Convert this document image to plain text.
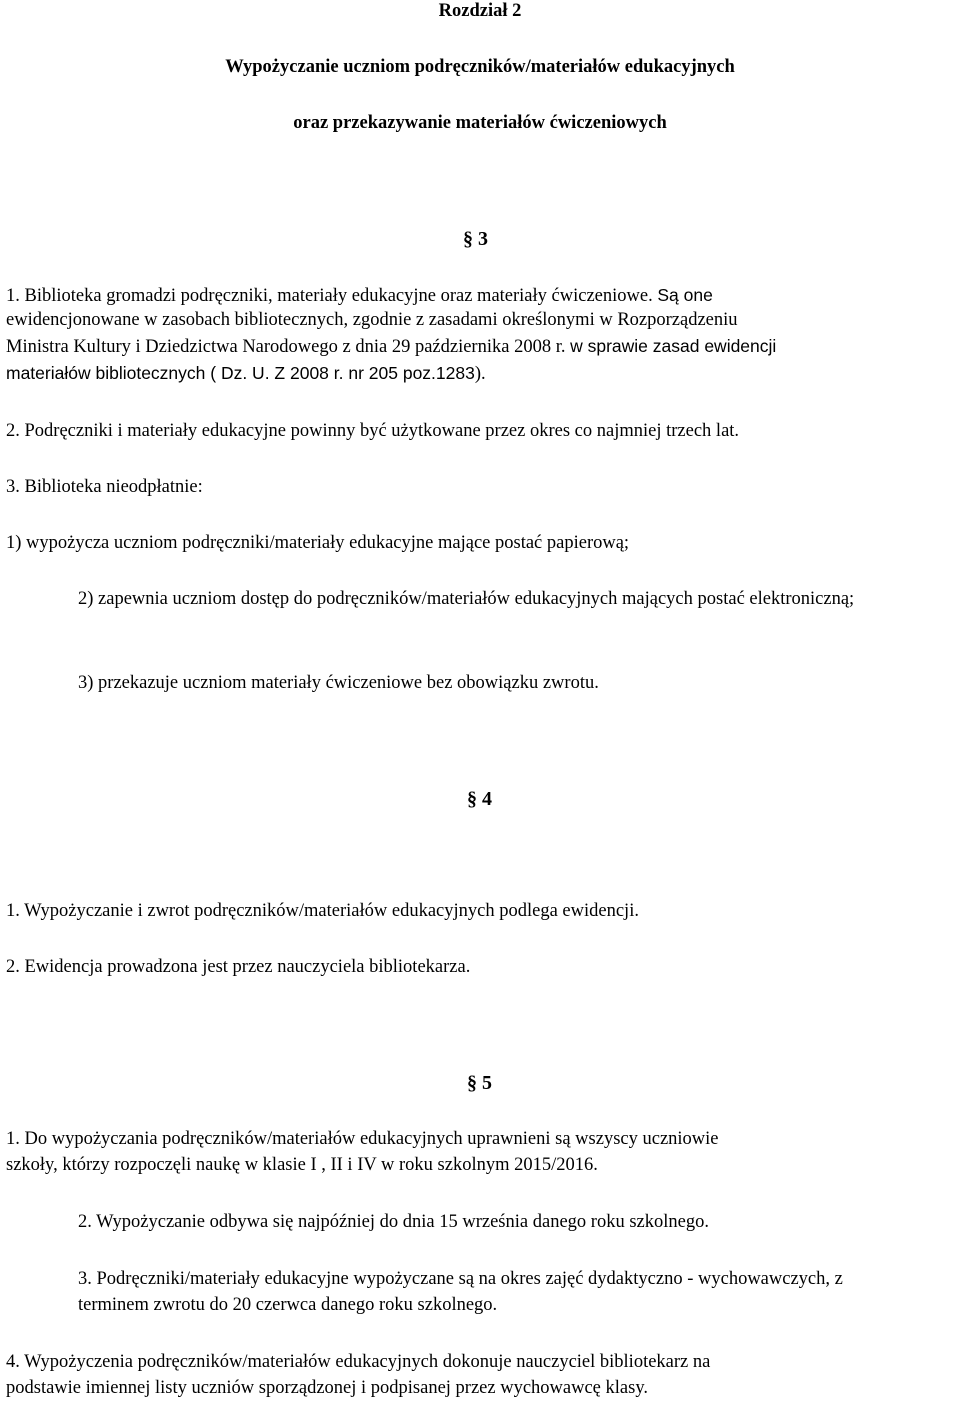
Rozdział 2
Wypożyczanie uczniom podręczników/materiałów edukacyjnych
oraz przekazywanie materiałów ćwiczeniowych
§ 3
1. Biblioteka gromadzi podręczniki, materiały edukacyjne oraz materiały ćwiczeniowe. Są one
ewidencjonowane w zasobach bibliotecznych, zgodnie z zasadami określonymi w Rozporządzeniu
Ministra Kultury i Dziedzictwa Narodowego z dnia 29 października 2008 r. w sprawie zasad ewidencji
materiałów bibliotecznych ( Dz. U. Z 2008 r. nr 205 poz.1283).
2. Podręczniki i materiały edukacyjne powinny być użytkowane przez okres co najmniej trzech lat.
3. Biblioteka nieodpłatnie:
1) wypożycza uczniom podręczniki/materiały edukacyjne mające postać papierową;
2) zapewnia uczniom dostęp do podręczników/materiałów edukacyjnych mających postać elektroniczną;
3) przekazuje uczniom materiały ćwiczeniowe bez obowiązku zwrotu.
§ 4
1. Wypożyczanie i zwrot podręczników/materiałów edukacyjnych podlega ewidencji.
2. Ewidencja prowadzona jest przez nauczyciela bibliotekarza.
§ 5
1. Do wypożyczania podręczników/materiałów edukacyjnych uprawnieni są wszyscy uczniowie
szkoły, którzy rozpoczęli naukę w klasie I , II i IV w roku szkolnym 2015/2016.
2. Wypożyczanie odbywa się najpóźniej do dnia 15 września danego roku szkolnego.
3. Podręczniki/materiały edukacyjne wypożyczane są na okres zajęć dydaktyczno - wychowawczych, z terminem zwrotu do 20 czerwca danego roku szkolnego.
4. Wypożyczenia podręczników/materiałów edukacyjnych dokonuje nauczyciel bibliotekarz na
podstawie imiennej listy uczniów sporządzonej i podpisanej przez wychowawcę klasy.
